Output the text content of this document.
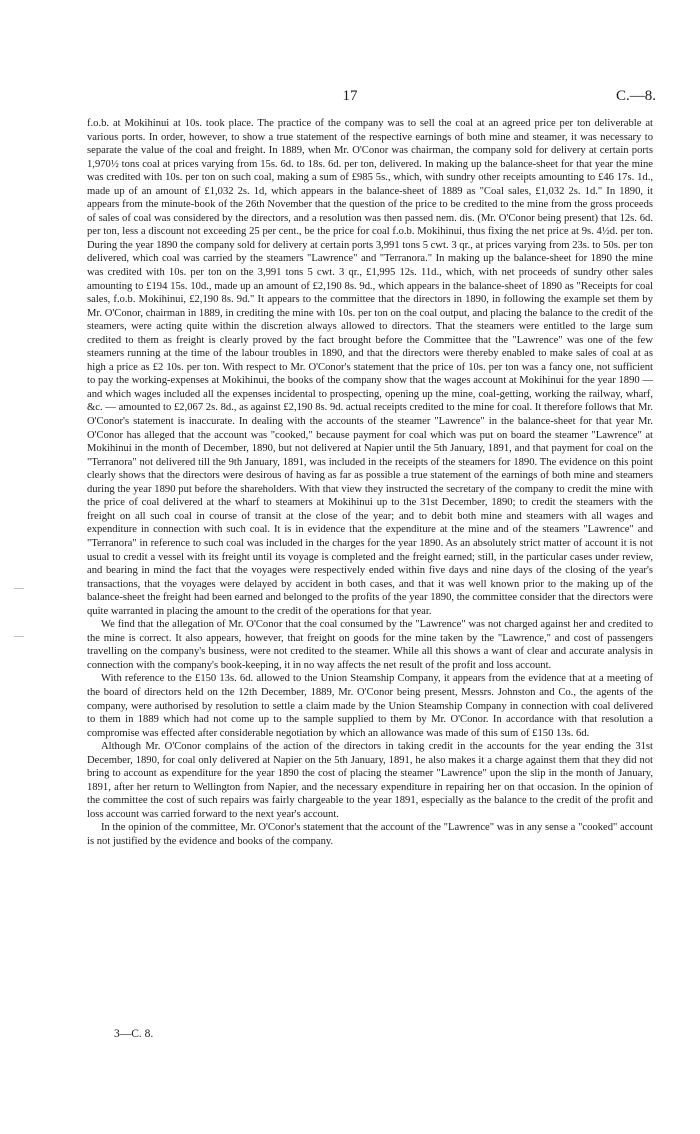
17	C.—8.

f.o.b. at Mokihinui at 10s. took place. The practice of the company was to sell the coal at an agreed price per ton deliverable at various ports. In order, however, to show a true statement of the respective earnings of both mine and steamer, it was necessary to separate the value of the coal and freight. In 1889, when Mr. O'Conor was chairman, the company sold for delivery at certain ports 1,970½ tons coal at prices varying from 15s. 6d. to 18s. 6d. per ton, delivered. In making up the balance-sheet for that year the mine was credited with 10s. per ton on such coal, making a sum of £985 5s., which, with sundry other receipts amounting to £46 17s. 1d., made up of an amount of £1,032 2s. 1d, which appears in the balance-sheet of 1889 as "Coal sales, £1,032 2s. 1d." In 1890, it appears from the minute-book of the 26th November that the question of the price to be credited to the mine from the gross proceeds of sales of coal was considered by the directors, and a resolution was then passed nem. dis. (Mr. O'Conor being present) that 12s. 6d. per ton, less a discount not exceeding 25 per cent., be the price for coal f.o.b. Mokihinui, thus fixing the net price at 9s. 4½d. per ton. During the year 1890 the company sold for delivery at certain ports 3,991 tons 5 cwt. 3 qr., at prices varying from 23s. to 50s. per ton delivered, which coal was carried by the steamers "Lawrence" and "Terranora." In making up the balance-sheet for 1890 the mine was credited with 10s. per ton on the 3,991 tons 5 cwt. 3 qr., £1,995 12s. 11d., which, with net proceeds of sundry other sales amounting to £194 15s. 10d., made up an amount of £2,190 8s. 9d., which appears in the balance-sheet of 1890 as "Receipts for coal sales, f.o.b. Mokihinui, £2,190 8s. 9d." It appears to the committee that the directors in 1890, in following the example set them by Mr. O'Conor, chairman in 1889, in crediting the mine with 10s. per ton on the coal output, and placing the balance to the credit of the steamers, were acting quite within the discretion always allowed to directors. That the steamers were entitled to the large sum credited to them as freight is clearly proved by the fact brought before the Committee that the "Lawrence" was one of the few steamers running at the time of the labour troubles in 1890, and that the directors were thereby enabled to make sales of coal at as high a price as £2 10s. per ton. With respect to Mr. O'Conor's statement that the price of 10s. per ton was a fancy one, not sufficient to pay the working-expenses at Mokihinui, the books of the company show that the wages account at Mokihinui for the year 1890 — and which wages included all the expenses incidental to prospecting, opening up the mine, coal-getting, working the railway, wharf, &c. — amounted to £2,067 2s. 8d., as against £2,190 8s. 9d. actual receipts credited to the mine for coal. It therefore follows that Mr. O'Conor's statement is inaccurate. In dealing with the accounts of the steamer "Lawrence" in the balance-sheet for that year Mr. O'Conor has alleged that the account was "cooked," because payment for coal which was put on board the steamer "Lawrence" at Mokihinui in the month of December, 1890, but not delivered at Napier until the 5th January, 1891, and that payment for coal on the "Terranora" not delivered till the 9th January, 1891, was included in the receipts of the steamers for 1890. The evidence on this point clearly shows that the directors were desirous of having as far as possible a true statement of the earnings of both mine and steamers during the year 1890 put before the shareholders. With that view they instructed the secretary of the company to credit the mine with the price of coal delivered at the wharf to steamers at Mokihinui up to the 31st December, 1890; to credit the steamers with the freight on all such coal in course of transit at the close of the year; and to debit both mine and steamers with all wages and expenditure in connection with such coal. It is in evidence that the expenditure at the mine and of the steamers "Lawrence" and "Terranora" in reference to such coal was included in the charges for the year 1890. As an absolutely strict matter of account it is not usual to credit a vessel with its freight until its voyage is completed and the freight earned; still, in the particular cases under review, and bearing in mind the fact that the voyages were respectively ended within five days and nine days of the closing of the year's transactions, that the voyages were delayed by accident in both cases, and that it was well known prior to the making up of the balance-sheet the freight had been earned and belonged to the profits of the year 1890, the committee consider that the directors were quite warranted in placing the amount to the credit of the operations for that year.

We find that the allegation of Mr. O'Conor that the coal consumed by the "Lawrence" was not charged against her and credited to the mine is correct. It also appears, however, that freight on goods for the mine taken by the "Lawrence," and cost of passengers travelling on the company's business, were not credited to the steamer. While all this shows a want of clear and accurate analysis in connection with the company's book-keeping, it in no way affects the net result of the profit and loss account.

With reference to the £150 13s. 6d. allowed to the Union Steamship Company, it appears from the evidence that at a meeting of the board of directors held on the 12th December, 1889, Mr. O'Conor being present, Messrs. Johnston and Co., the agents of the company, were authorised by resolution to settle a claim made by the Union Steamship Company in connection with coal delivered to them in 1889 which had not come up to the sample supplied to them by Mr. O'Conor. In accordance with that resolution a compromise was effected after considerable negotiation by which an allowance was made of this sum of £150 13s. 6d.

Although Mr. O'Conor complains of the action of the directors in taking credit in the accounts for the year ending the 31st December, 1890, for coal only delivered at Napier on the 5th January, 1891, he also makes it a charge against them that they did not bring to account as expenditure for the year 1890 the cost of placing the steamer "Lawrence" upon the slip in the month of January, 1891, after her return to Wellington from Napier, and the necessary expenditure in repairing her on that occasion. In the opinion of the committee the cost of such repairs was fairly chargeable to the year 1891, especially as the balance to the credit of the profit and loss account was carried forward to the next year's account.

In the opinion of the committee, Mr. O'Conor's statement that the account of the "Lawrence" was in any sense a "cooked" account is not justified by the evidence and books of the company.

3—C. 8.
